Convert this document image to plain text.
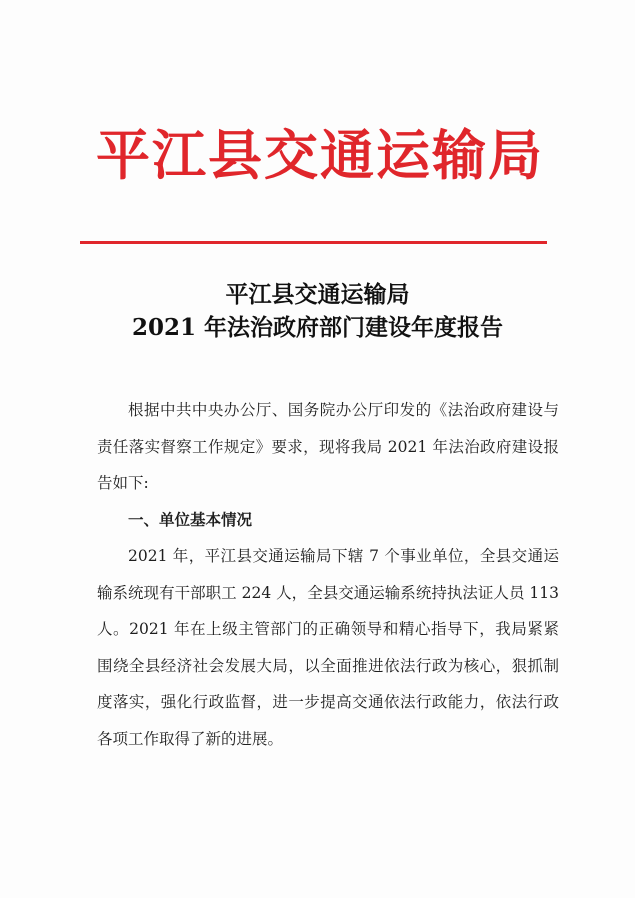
平江县交通运输局
平江县交通运输局
2021 年法治政府部门建设年度报告

根据中共中央办公厅、国务院办公厅印发的《法治政府建设与责任落实督察工作规定》要求，现将我局 2021 年法治政府建设报告如下:

一、单位基本情况

2021 年，平江县交通运输局下辖 7 个事业单位，全县交通运输系统现有干部职工 224 人，全县交通运输系统持执法证人员 113 人。2021 年在上级主管部门的正确领导和精心指导下，我局紧紧围绕全县经济社会发展大局，以全面推进依法行政为核心，狠抓制度落实，强化行政监督，进一步提高交通依法行政能力，依法行政各项工作取得了新的进展。
